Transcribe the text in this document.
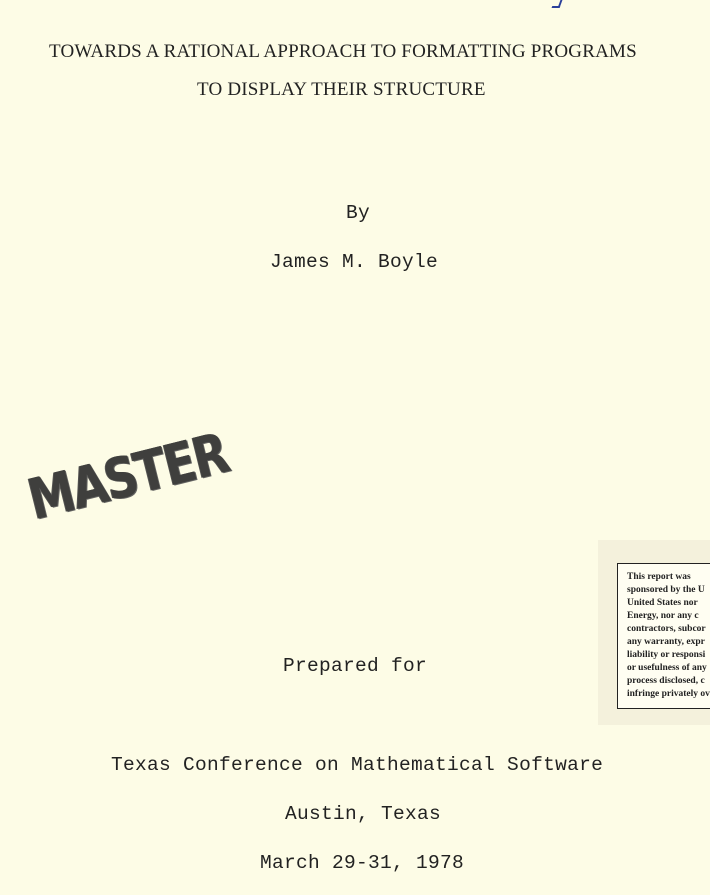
TOWARDS A RATIONAL APPROACH TO FORMATTING PROGRAMS
TO DISPLAY THEIR STRUCTURE
By
James M. Boyle
MASTER
This report was
sponsored by the U
United States nor
Energy, nor any c
contractors, subcor
any warranty, expr
liability or responsi
or usefulness of any
process disclosed, c
infringe privately ov
Prepared for
Texas Conference on Mathematical Software
Austin, Texas
March 29-31, 1978
